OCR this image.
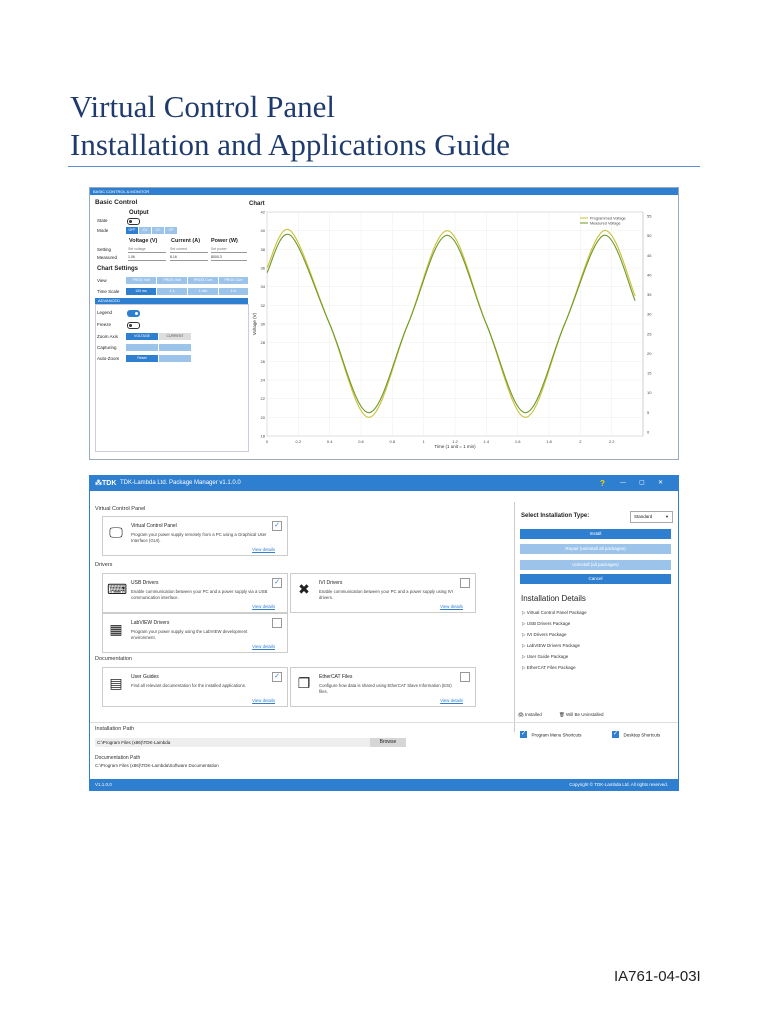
Virtual Control Panel
Installation and Applications Guide
BASIC CONTROL & MONITOR
Basic Control
Output
State
Mode	OFF	CV	CC	CP
Voltage (V) Current (A) Power (W)
Setting	Set voltage	Set current	Set power
Measured	1.06	8.16	8000.3
Chart Settings
View	PROG Volt	PROG Volt	PROG Curr	PROG Curr
Time Scale	100 ms	1 s	1 min	1 hr
ADVANCED
Legend
Freeze
Zoom Axis	VOLTAGE	CURRENT
Capturing
Auto-Zoom	Reset
Chart
42
40
38
36
34
32
30
28
26
24
22
20
18
0	0.2	0.4	0.6	0.8	1	1.2	1.4	1.6	1.8	2	2.2
55
50
45
40
35
30
25
20
15
10
5
0
Programmed Voltage
Measured Voltage
Time (1 unit = 1 min)
Voltage (V)
⁂TDK TDK-Lambda Ltd. Package Manager v1.1.0.0	?	— ▢ ✕
Virtual Control Panel
🖵	Virtual Control Panel
Program your power supply remotely from a PC using a Graphical User Interface (GUI).
View details
✓
Drivers
⌨ USB Drivers
Enable communication between your PC and a power supply via a USB communication interface.
View details
✓ ✖	IVI Drivers
Enable communication between your PC and a power supply using IVI drivers.
View details
▦	LabVIEW Drivers
Program your power supply using the LabVIEW development environment.
View details
Documentation
▤	User Guides
Find all relevant documentation for the installed applications.
View details
✓ ❐	EtherCAT Files
Configure how data is shared using EtherCAT Slave Information (ESI) files.
View details
Select Installation Type:	Standard	▼
Install
Repair (uninstall all packages)
Uninstall (all packages)
Cancel
Installation Details
▷ Virtual Control Panel Package
▷ USB Drivers Package
▷ IVI Drivers Package
▷ LabVIEW Drivers Package
▷ User Guide Package
▷ EtherCAT Files Package
🖨 Installed	🗑 Will Be Uninstalled
Installation Path
C:\Program Files (x86)\TDK-Lambda	Browse
Documentation Path
C:\Program Files (x86)\TDK-Lambda\Software Documentation
✓ Program Menu Shortcuts	✓ Desktop Shortcuts
V1.1.0.0	Copyright © TDK-Lambda Ltd. All rights reserved.
IA761-04-03I
